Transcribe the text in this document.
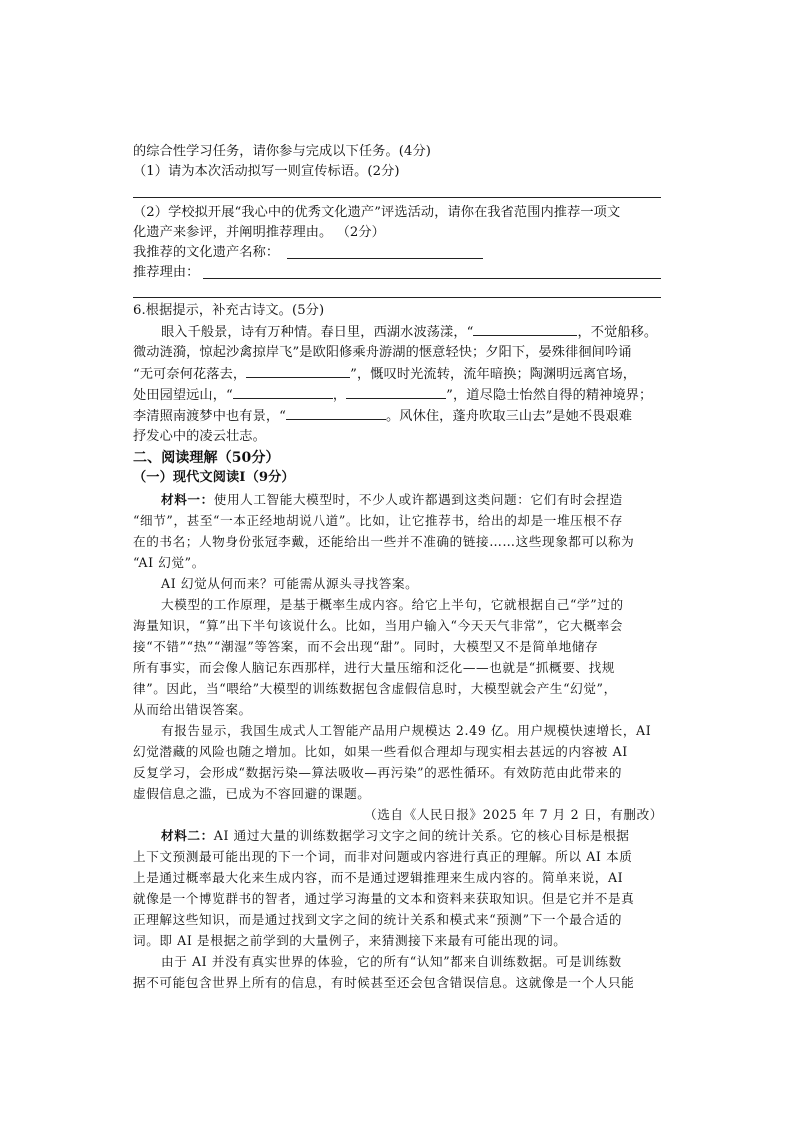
的综合性学习任务，请你参与完成以下任务。(4分)
（1）请为本次活动拟写一则宣传标语。(2分)
（2）学校拟开展“我心中的优秀文化遗产”评选活动，请你在我省范围内推荐一项文
化遗产来参评，并阐明推荐理由。 （2分）
我推荐的文化遗产名称：
推荐理由：
6.根据提示，补充古诗文。(5分)
眼入千般景，诗有万种情。春日里，西湖水波荡漾，“	，不觉船移。
微动涟漪，惊起沙禽掠岸飞”是欧阳修乘舟游湖的惬意轻快；夕阳下，晏殊徘徊间吟诵
“无可奈何花落去，	”，慨叹时光流转，流年暗换；陶渊明远离官场，
处田园望远山，“	，	”，道尽隐士怡然自得的精神境界；
李清照南渡梦中也有景，“	。风休住，蓬舟吹取三山去”是她不畏艰难
抒发心中的凌云壮志。
二、阅读理解（50分）
（一）现代文阅读Ⅰ（9分）
材料一：使用人工智能大模型时，不少人或许都遇到这类问题：它们有时会捏造
“细节”，甚至“一本正经地胡说八道”。比如，让它推荐书，给出的却是一堆压根不存
在的书名；人物身份张冠李戴，还能给出一些并不准确的链接……这些现象都可以称为
“AI 幻觉”。
AI 幻觉从何而来？可能需从源头寻找答案。
大模型的工作原理，是基于概率生成内容。给它上半句，它就根据自己“学”过的
海量知识，“算”出下半句该说什么。比如，当用户输入“今天天气非常”，它大概率会
接“不错”“热”“潮湿”等答案，而不会出现“甜”。同时，大模型又不是简单地储存
所有事实，而会像人脑记东西那样，进行大量压缩和泛化——也就是“抓概要、找规
律”。因此，当“喂给”大模型的训练数据包含虚假信息时，大模型就会产生“幻觉”，
从而给出错误答案。
有报告显示，我国生成式人工智能产品用户规模达 2.49 亿。用户规模快速增长，AI
幻觉潜藏的风险也随之增加。比如，如果一些看似合理却与现实相去甚远的内容被 AI
反复学习，会形成“数据污染—算法吸收—再污染”的恶性循环。有效防范由此带来的
虚假信息之滥，已成为不容回避的课题。
（选自《人民日报》2025 年 7 月 2 日，有删改）
材料二：AI 通过大量的训练数据学习文字之间的统计关系。它的核心目标是根据
上下文预测最可能出现的下一个词，而非对问题或内容进行真正的理解。所以 AI 本质
上是通过概率最大化来生成内容，而不是通过逻辑推理来生成内容的。简单来说，AI
就像是一个博览群书的智者，通过学习海量的文本和资料来获取知识。但是它并不是真
正理解这些知识，而是通过找到文字之间的统计关系和模式来“预测”下一个最合适的
词。即 AI 是根据之前学到的大量例子，来猜测接下来最有可能出现的词。
由于 AI 并没有真实世界的体验，它的所有“认知”都来自训练数据。可是训练数
据不可能包含世界上所有的信息，有时候甚至还会包含错误信息。这就像是一个人只能
